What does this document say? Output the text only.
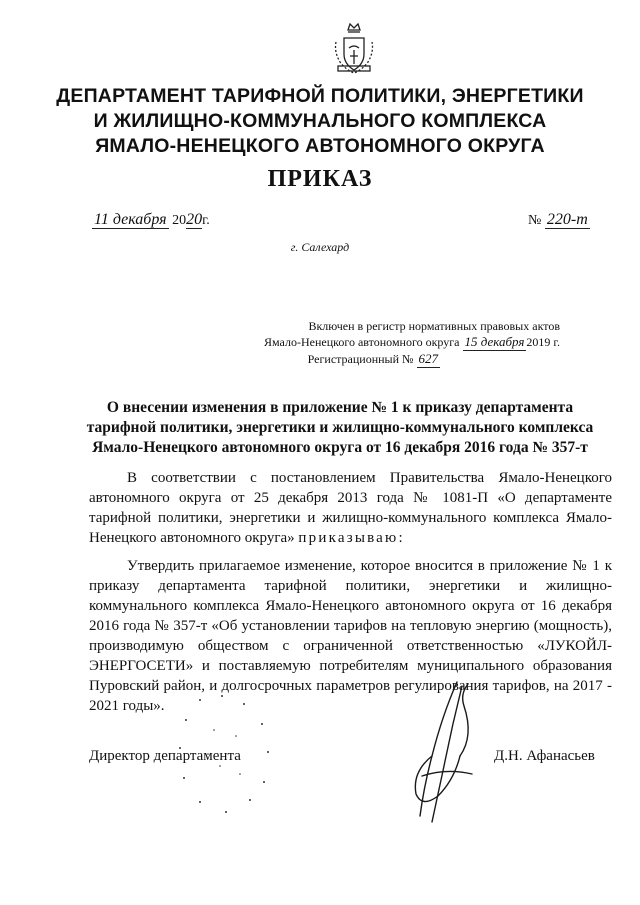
ДЕПАРТАМЕНТ ТАРИФНОЙ ПОЛИТИКИ, ЭНЕРГЕТИКИ
И ЖИЛИЩНО-КОММУНАЛЬНОГО КОМПЛЕКСА
ЯМАЛО-НЕНЕЦКОГО АВТОНОМНОГО ОКРУГА
ПРИКАЗ
11 декабря 2020г.	№ 220-т
г. Салехард
Включен в регистр нормативных правовых актов
Ямало-Ненецкого автономного округа 15 декабря 2019 г.
Регистрационный № 627
О внесении изменения в приложение № 1 к приказу департамента
тарифной политики, энергетики и жилищно-коммунального комплекса
Ямало-Ненецкого автономного округа от 16 декабря 2016 года № 357-т
В соответствии с постановлением Правительства Ямало-Ненецкого автономного округа от 25 декабря 2013 года № 1081-П «О департаменте тарифной политики, энергетики и жилищно-коммунального комплекса Ямало-Ненецкого автономного округа» приказываю:
Утвердить прилагаемое изменение, которое вносится в приложение № 1 к приказу департамента тарифной политики, энергетики и жилищно-коммунального комплекса Ямало-Ненецкого автономного округа от 16 декабря 2016 года № 357-т «Об установлении тарифов на тепловую энергию (мощность), производимую обществом с ограниченной ответственностью «ЛУКОЙЛ-ЭНЕРГОСЕТИ» и поставляемую потребителям муниципального образования Пуровский район, и долгосрочных параметров регулирования тарифов, на 2017 - 2021 годы».
Директор департамента	Д.Н. Афанасьев
